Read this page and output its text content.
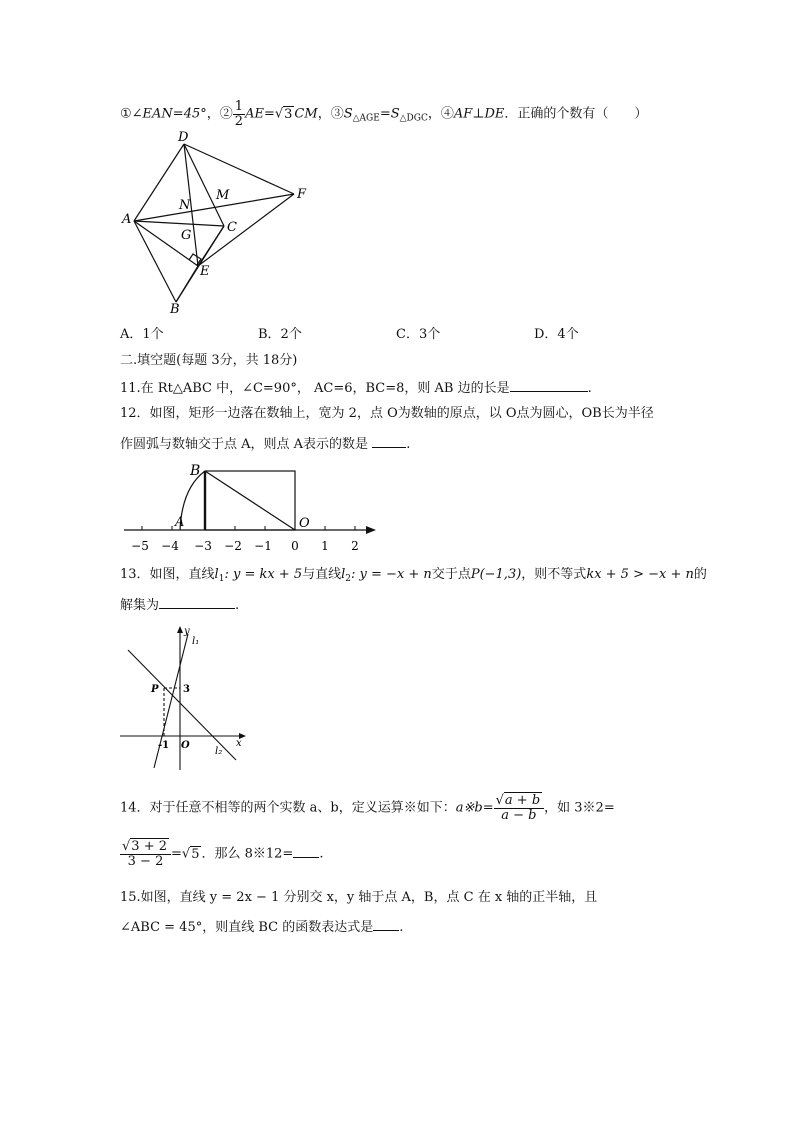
①∠EAN=45°，② $\frac{1}{2} AE=√3$ CM，$③S_{\triangle AGE}=S_{\triangle DGC}$，④AF⊥DE．正确的个数有（　　）
D
M	F
N
A
G
C
E
B
A．1个	B．2个	C．3个	D．4个
二.填空题(每题 3分，共 18分)
11.在 Rt△ABC 中，∠C=90°， AC=6，BC=8，则 AB 边的长是	.
12．如图，矩形一边落在数轴上，宽为 2，点 O为数轴的原点，以 O点为圆心，OB长为半径
作圆弧与数轴交于点 A，则点 A表示的数是	.
B
A	O
−5 −4 −3 −2 −1 0 1 2
13．如图，直线$l_1$: y = kx + 5与直线$l_2$: y = −x + n交于点P(−1,3)，则不等式kx + 5 > −x + n的
解集为	.
y
l₁
P 3
x
-1 O
l₂
14．对于任意不相等的两个实数 a、b，定义运算※如下：a※b= $\frac{√a + b}{a - b}$ ，如 3※2=
$\frac{√3 + 2}{3 - 2} =√5$ ．那么 8※12= .
15.如图，直线 y = 2x − 1 分别交 x，y 轴于点 A，B，点 C 在 x 轴的正半轴，且
∠ABC = 45°，则直线 BC 的函数表达式是 .
